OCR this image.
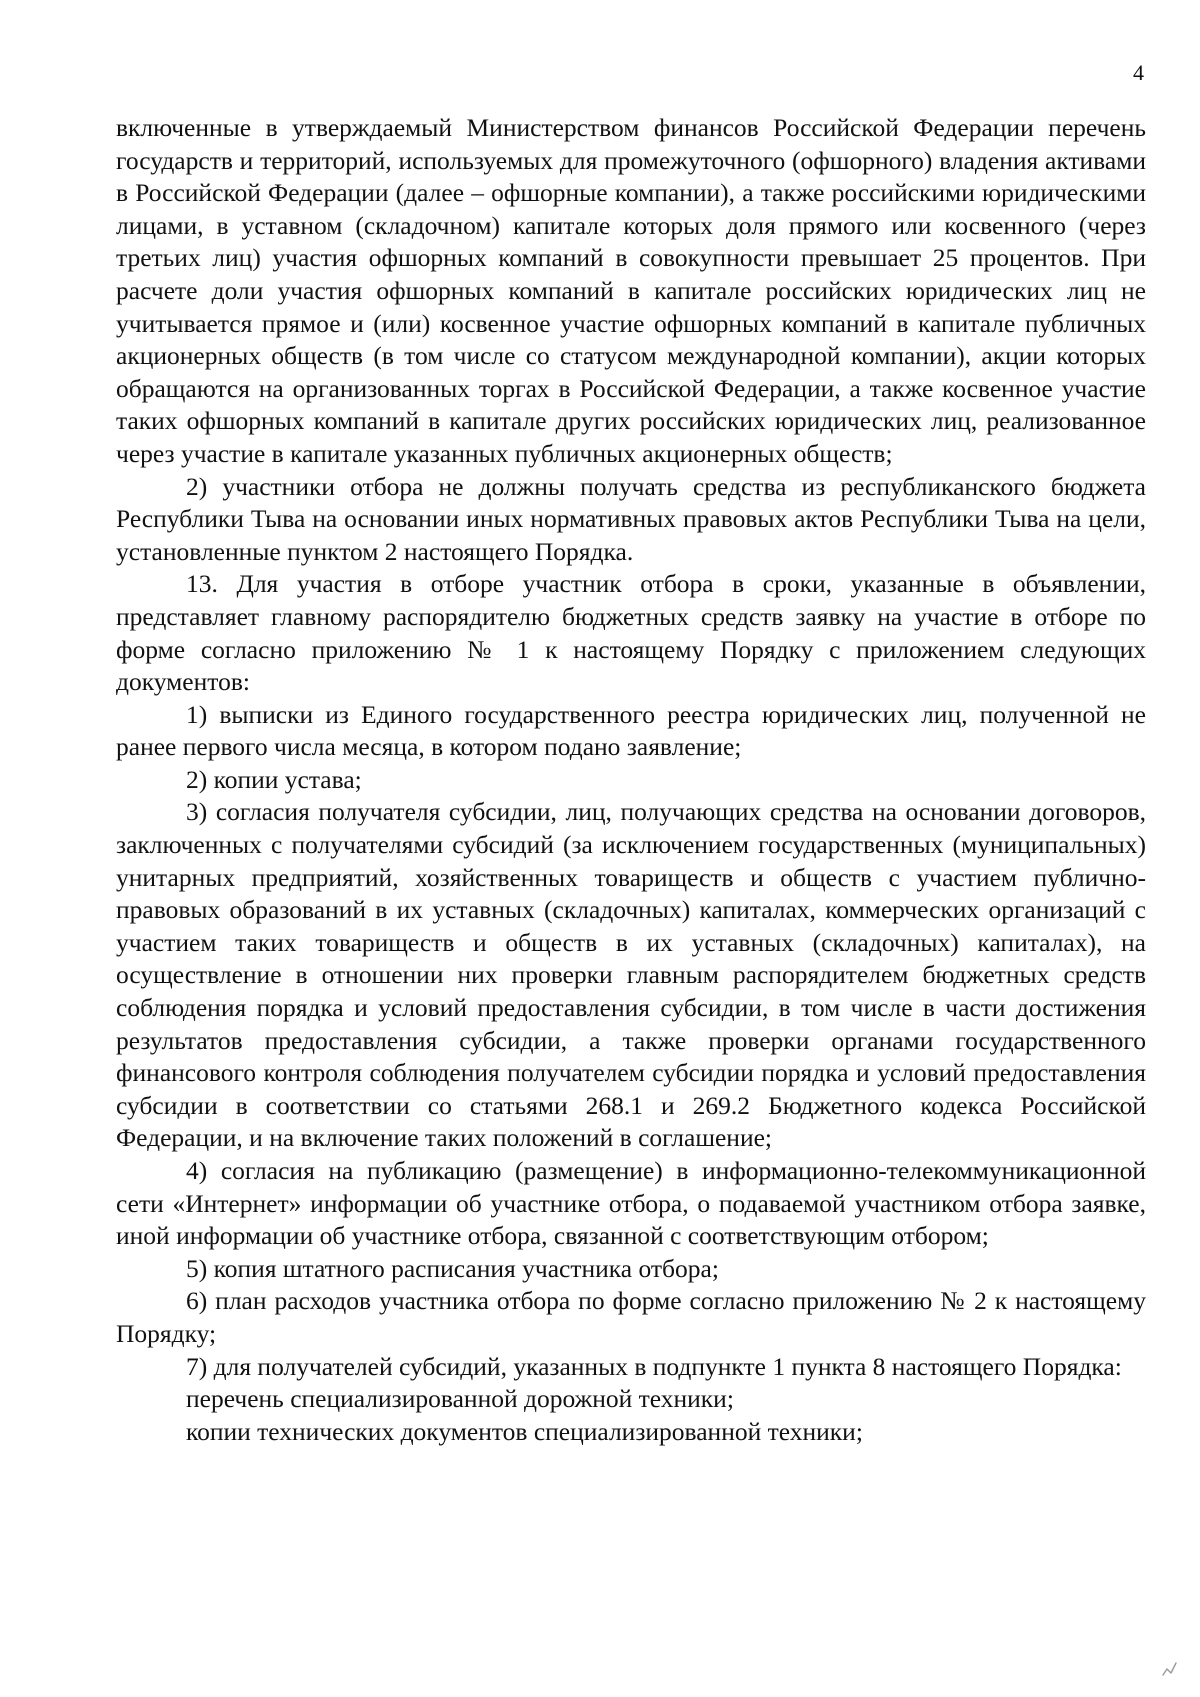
4

включенные в утверждаемый Министерством финансов Российской Федерации перечень государств и территорий, используемых для промежуточного (офшорного) владения активами в Российской Федерации (далее – офшорные компании), а также российскими юридическими лицами, в уставном (складочном) капитале которых доля прямого или косвенного (через третьих лиц) участия офшорных компаний в совокупности превышает 25 процентов. При расчете доли участия офшорных компаний в капитале российских юридических лиц не учитывается прямое и (или) косвенное участие офшорных компаний в капитале публичных акционерных обществ (в том числе со статусом международной компании), акции которых обращаются на организованных торгах в Российской Федерации, а также косвенное участие таких офшорных компаний в капитале других российских юридических лиц, реализованное через участие в капитале указанных публичных акционерных обществ;

2) участники отбора не должны получать средства из республиканского бюджета Республики Тыва на основании иных нормативных правовых актов Республики Тыва на цели, установленные пунктом 2 настоящего Порядка.

13. Для участия в отборе участник отбора в сроки, указанные в объявлении, представляет главному распорядителю бюджетных средств заявку на участие в отборе по форме согласно приложению № 1 к настоящему Порядку с приложением следующих документов:

1) выписки из Единого государственного реестра юридических лиц, полученной не ранее первого числа месяца, в котором подано заявление;

2) копии устава;

3) согласия получателя субсидии, лиц, получающих средства на основании договоров, заключенных с получателями субсидий (за исключением государственных (муниципальных) унитарных предприятий, хозяйственных товариществ и обществ с участием публично-правовых образований в их уставных (складочных) капиталах, коммерческих организаций с участием таких товариществ и обществ в их уставных (складочных) капиталах), на осуществление в отношении них проверки главным распорядителем бюджетных средств соблюдения порядка и условий предоставления субсидии, в том числе в части достижения результатов предоставления субсидии, а также проверки органами государственного финансового контроля соблюдения получателем субсидии порядка и условий предоставления субсидии в соответствии со статьями 268.1 и 269.2 Бюджетного кодекса Российской Федерации, и на включение таких положений в соглашение;

4) согласия на публикацию (размещение) в информационно-телекоммуникационной сети «Интернет» информации об участнике отбора, о подаваемой участником отбора заявке, иной информации об участнике отбора, связанной с соответствующим отбором;

5) копия штатного расписания участника отбора;

6) план расходов участника отбора по форме согласно приложению № 2 к настоящему Порядку;

7) для получателей субсидий, указанных в подпункте 1 пункта 8 настоящего Порядка:

перечень специализированной дорожной техники;

копии технических документов специализированной техники;
